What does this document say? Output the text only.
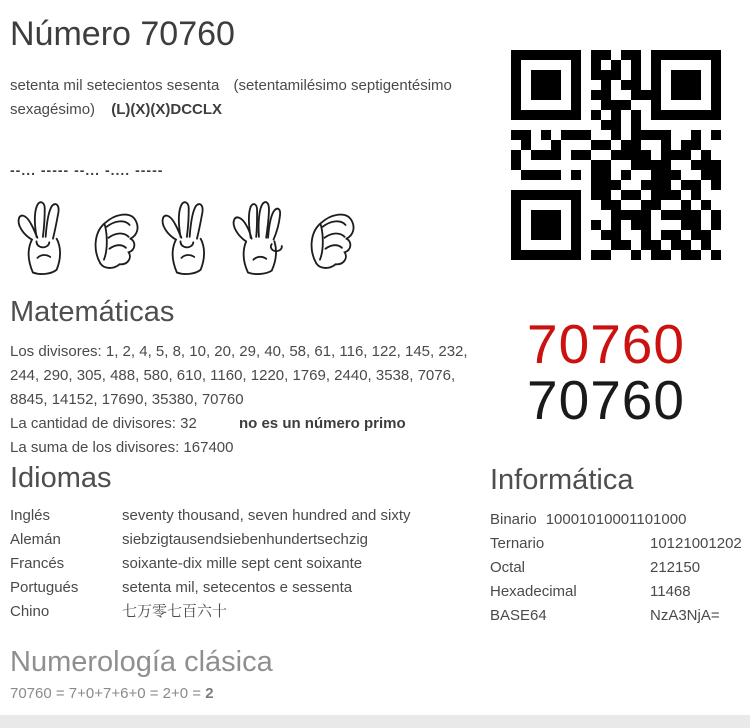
Número 70760

setenta mil setecientos sesenta (setentamilésimo septigentésimo sexagésimo) (L)(X)(X)DCCLX

--... ----- --... -.... -----
Matemáticas

Los divisores: 1, 2, 4, 5, 8, 10, 20, 29, 40, 58, 61, 116, 122, 145, 232, 244, 290, 305, 488, 580, 610, 1160, 1220, 1769, 2440, 3538, 7076, 8845, 14152, 17690, 35380, 70760

La cantidad de divisores: 32	no es un número primo
La suma de los divisores: 167400
Idiomas
Inglés	seventy thousand, seven hundred and sixty
Alemán	siebzigtausendsiebenhundertsechzig
Francés	soixante-dix mille sept cent soixante
Portugués	setenta mil, setecentos e sessenta
Chino	七万零七百六十
Numerología clásica
70760 = 7+0+7+6+0 = 2+0 = 2
70760
70760
Informática
Binario 10001010001101000
Ternario	10121001202
Octal	212150
Hexadecimal	11468
BASE64	NzA3NjA=
